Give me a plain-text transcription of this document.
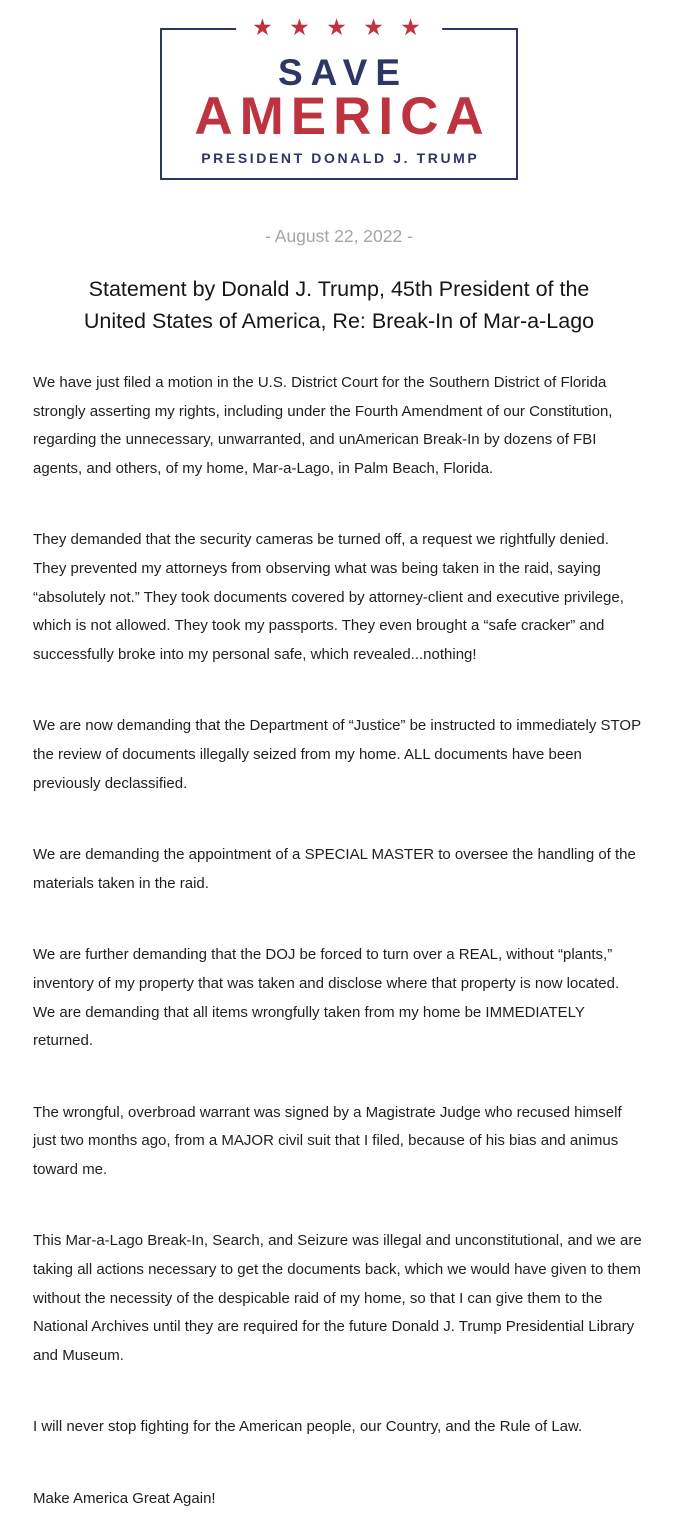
★ ★ ★ ★ ★
SAVE
AMERICA
PRESIDENT DONALD J. TRUMP
- August 22, 2022 -
Statement by Donald J. Trump, 45th President of the
United States of America, Re: Break-In of Mar-a-Lago

We have just filed a motion in the U.S. District Court for the Southern District of Florida strongly asserting my rights, including under the Fourth Amendment of our Constitution, regarding the unnecessary, unwarranted, and unAmerican Break-In by dozens of FBI agents, and others, of my home, Mar-a-Lago, in Palm Beach, Florida.

They demanded that the security cameras be turned off, a request we rightfully denied. They prevented my attorneys from observing what was being taken in the raid, saying “absolutely not.” They took documents covered by attorney-client and executive privilege, which is not allowed. They took my passports. They even brought a “safe cracker” and successfully broke into my personal safe, which revealed...nothing!

We are now demanding that the Department of “Justice” be instructed to immediately STOP the review of documents illegally seized from my home. ALL documents have been previously declassified.

We are demanding the appointment of a SPECIAL MASTER to oversee the handling of the materials taken in the raid.

We are further demanding that the DOJ be forced to turn over a REAL, without “plants,” inventory of my property that was taken and disclose where that property is now located. We are demanding that all items wrongfully taken from my home be IMMEDIATELY returned.

The wrongful, overbroad warrant was signed by a Magistrate Judge who recused himself just two months ago, from a MAJOR civil suit that I filed, because of his bias and animus toward me.

This Mar-a-Lago Break-In, Search, and Seizure was illegal and unconstitutional, and we are taking all actions necessary to get the documents back, which we would have given to them without the necessity of the despicable raid of my home, so that I can give them to the National Archives until they are required for the future Donald J. Trump Presidential Library and Museum.

I will never stop fighting for the American people, our Country, and the Rule of Law.

Make America Great Again!
